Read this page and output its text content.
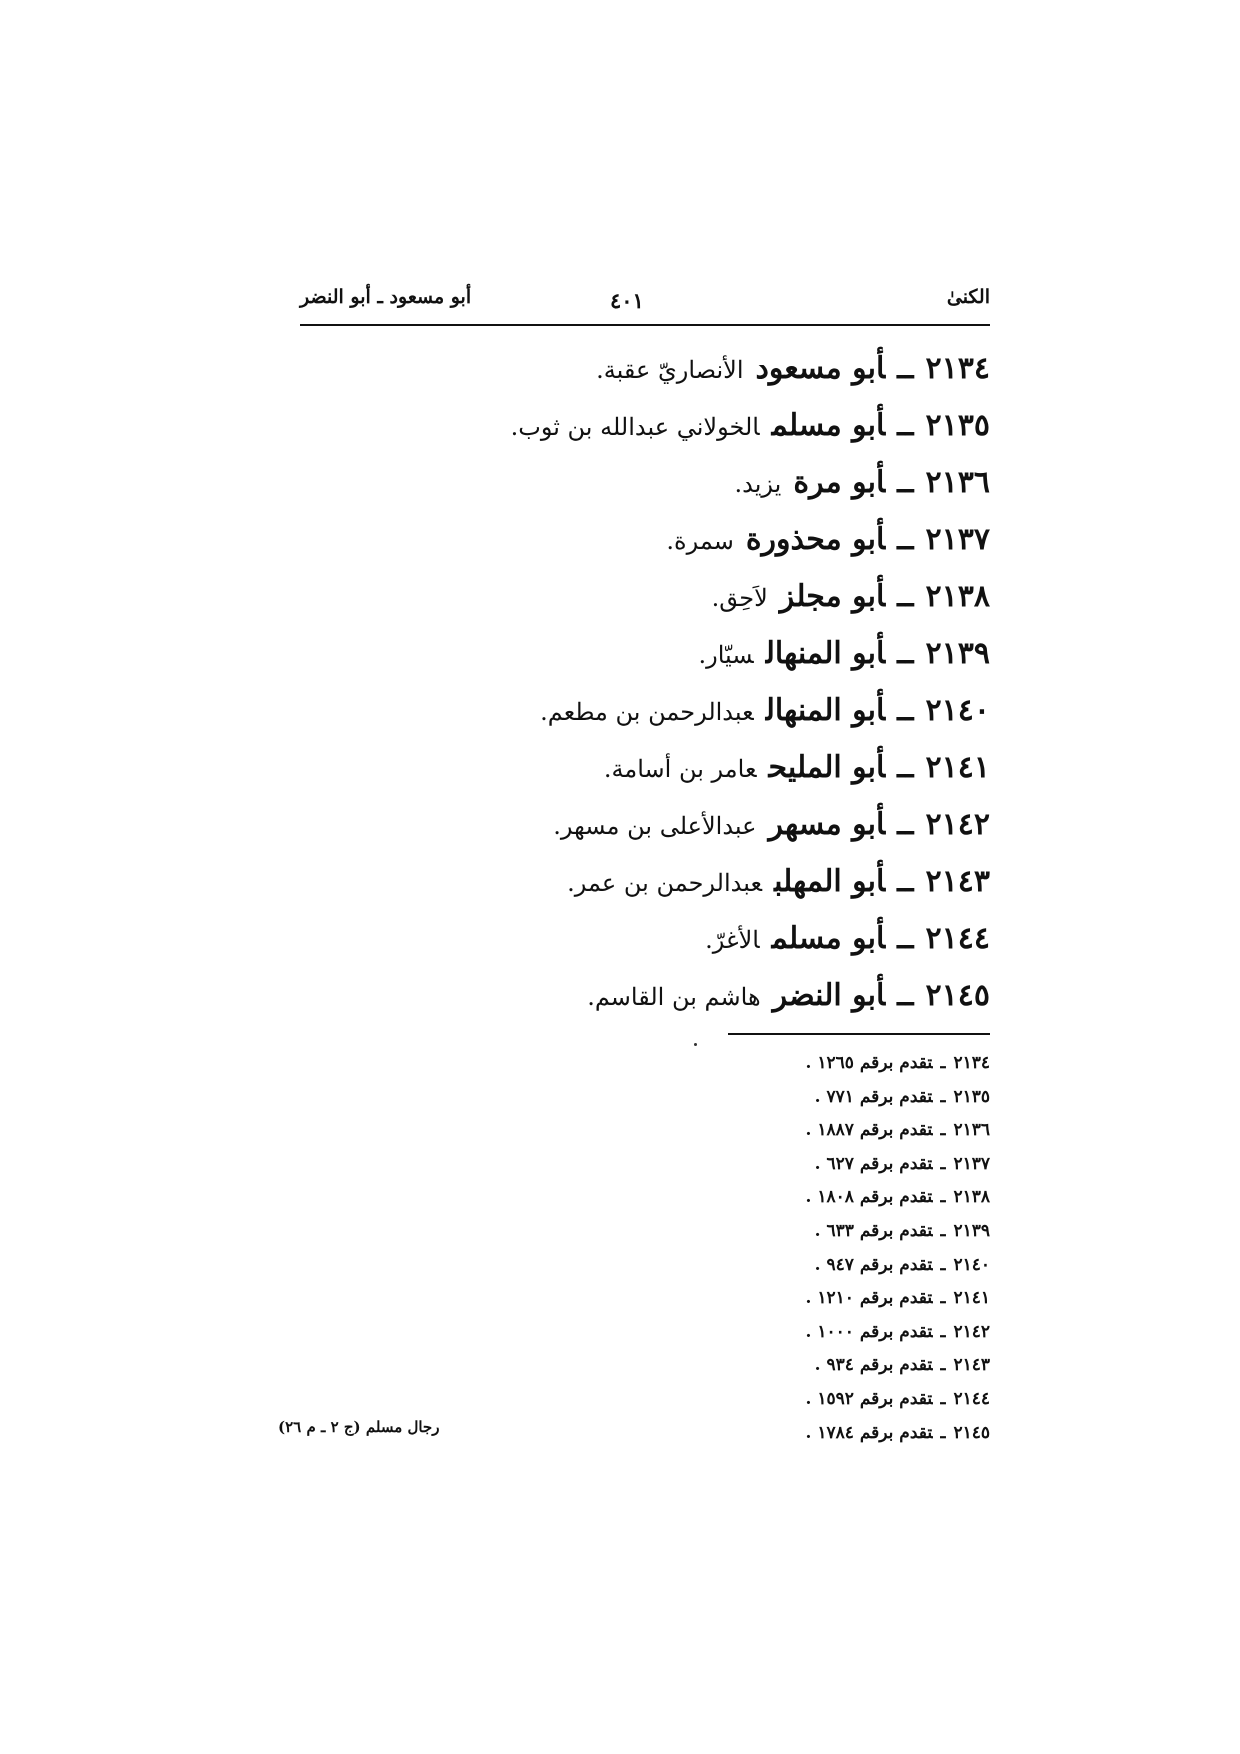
الكنىٰ
٤٠١
أبو مسعود ـ أبو النضر
٢١٣٤ــأبو مسعودالأنصاريّ عقبة.
٢١٣٥ــأبو مسلمالخولاني عبدالله بن ثوب.
٢١٣٦ــأبو مرةيزيد.
٢١٣٧ــأبو محذورةسمرة.
٢١٣٨ــأبو مجلزلاَحِق.
٢١٣٩ــأبو المنهالسيّار.
٢١٤٠ــأبو المنهالعبدالرحمن بن مطعم.
٢١٤١ــأبو المليحعامر بن أسامة.
٢١٤٢ــأبو مسهرعبدالأعلى بن مسهر.
٢١٤٣ــأبو المهلبعبدالرحمن بن عمر.
٢١٤٤ــأبو مسلمالأغرّ.
٢١٤٥ــأبو النضرهاشم بن القاسم.
٢١٣٤ـتقدم برقم ١٢٦٥ .
٢١٣٥ـتقدم برقم ٧٧١ .
٢١٣٦ـتقدم برقم ١٨٨٧ .
٢١٣٧ـتقدم برقم ٦٢٧ .
٢١٣٨ـتقدم برقم ١٨٠٨ .
٢١٣٩ـتقدم برقم ٦٣٣ .
٢١٤٠ـتقدم برقم ٩٤٧ .
٢١٤١ـتقدم برقم ١٢١٠ .
٢١٤٢ـتقدم برقم ١٠٠٠ .
٢١٤٣ـتقدم برقم ٩٣٤ .
٢١٤٤ـتقدم برقم ١٥٩٢ .
٢١٤٥ـتقدم برقم ١٧٨٤ .
رجال مسلم (ج ٢ ـ م ٢٦)
